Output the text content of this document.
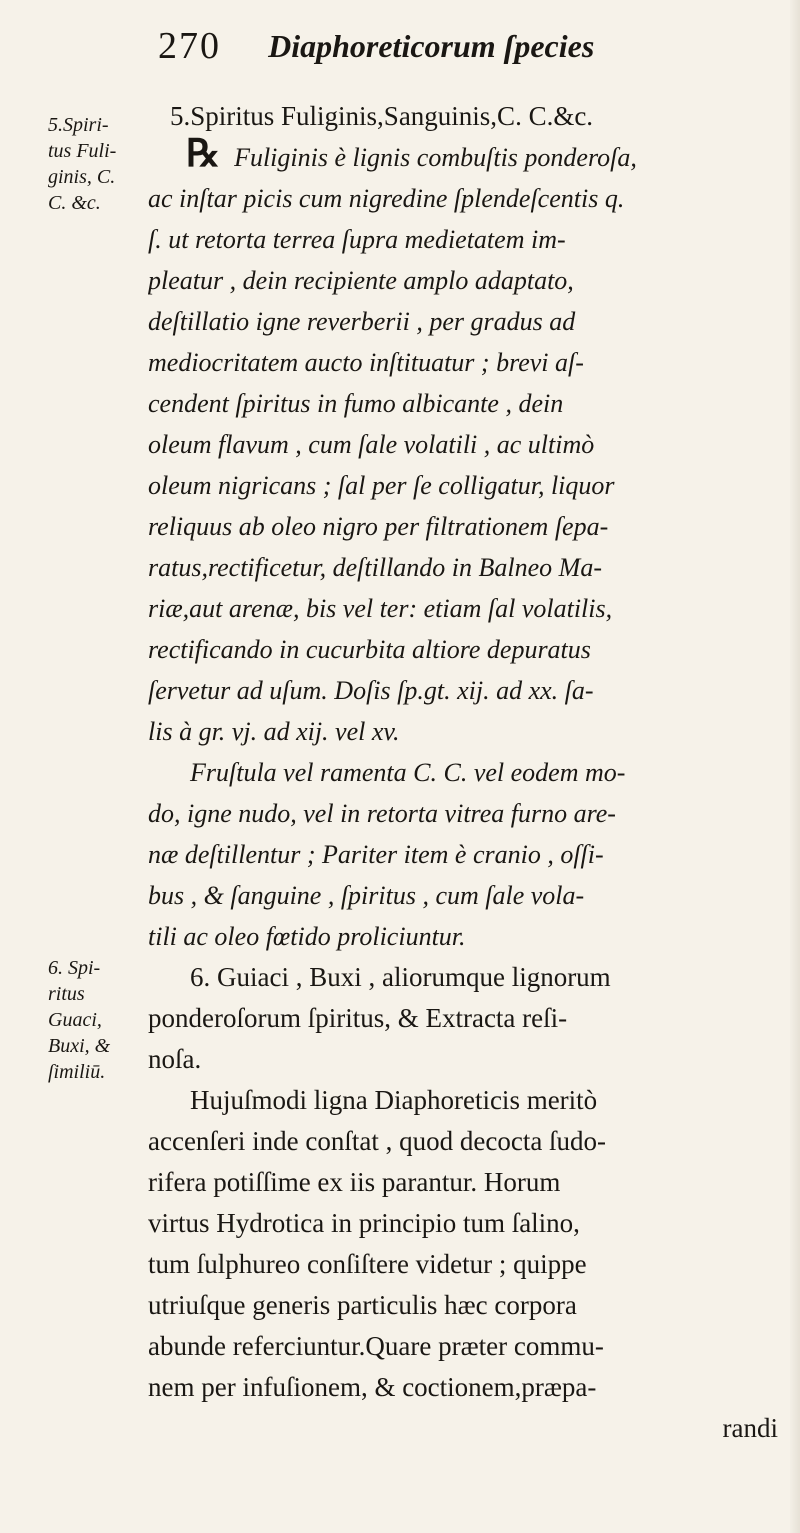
270 Diaphoreticorum ſpecies
5.Spiri-
tus Fuli-
ginis, C.
C. &c.
6. Spi-
ritus
Guaci,
Buxi, &
ſimiliū.
5.Spiritus Fuliginis,Sanguinis,C. C.&c.
℞ Fuliginis è lignis combuſtis ponderoſa,
ac inſtar picis cum nigredine ſplendeſcentis q.
ſ. ut retorta terrea ſupra medietatem im-
pleatur , dein recipiente amplo adaptato,
deſtillatio igne reverberii , per gradus ad
mediocritatem aucto inſtituatur ; brevi aſ-
cendent ſpiritus in fumo albicante , dein
oleum flavum , cum ſale volatili , ac ultimò
oleum nigricans ; ſal per ſe colligatur, liquor
reliquus ab oleo nigro per filtrationem ſepa-
ratus,rectificetur, deſtillando in Balneo Ma-
riæ,aut arenæ, bis vel ter: etiam ſal volatilis,
rectificando in cucurbita altiore depuratus
ſervetur ad uſum. Doſis ſp.gt. xij. ad xx. ſa-
lis à gr. vj. ad xij. vel xv.
Fruſtula vel ramenta C. C. vel eodem mo-
do, igne nudo, vel in retorta vitrea furno are-
næ deſtillentur ; Pariter item è cranio , oſſi-
bus , & ſanguine , ſpiritus , cum ſale vola-
tili ac oleo fœtido proliciuntur.
6. Guiaci , Buxi , aliorumque lignorum
ponderoſorum ſpiritus, & Extracta reſi-
noſa.
Hujuſmodi ligna Diaphoreticis meritò
accenſeri inde conſtat , quod decocta ſudo-
rifera potiſſime ex iis parantur. Horum
virtus Hydrotica in principio tum ſalino,
tum ſulphureo conſiſtere videtur ; quippe
utriuſque generis particulis hæc corpora
abunde referciuntur.Quare præter commu-
nem per infuſionem, & coctionem,præpa-
randi
